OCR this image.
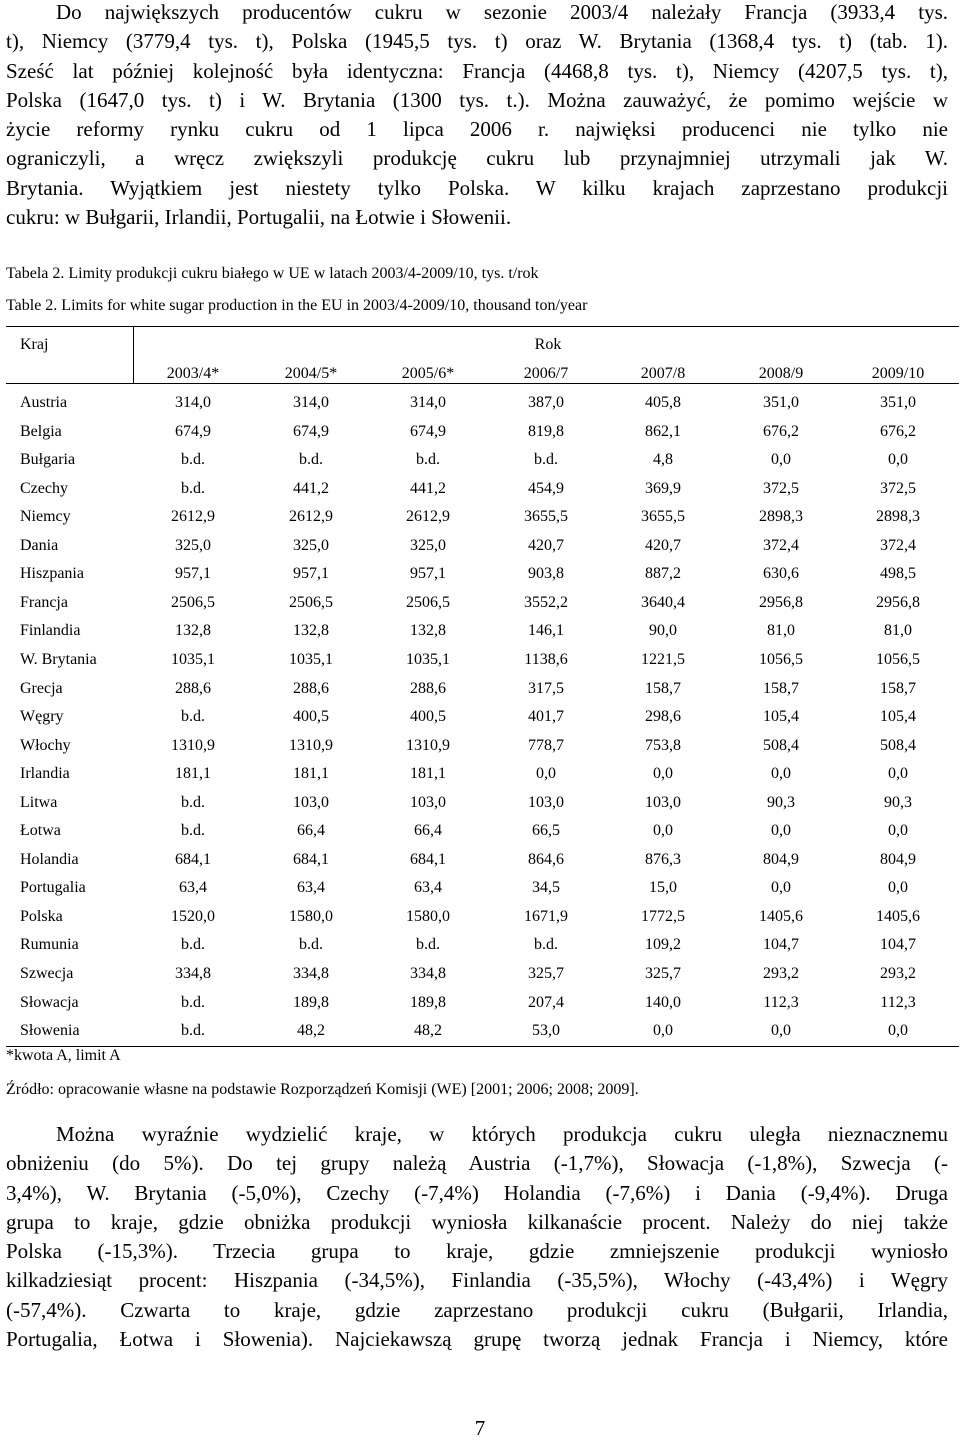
Do największych producentów cukru w sezonie 2003/4 należały Francja (3933,4 tys.
t), Niemcy (3779,4 tys. t), Polska (1945,5 tys. t) oraz W. Brytania (1368,4 tys. t) (tab. 1).
Sześć lat później kolejność była identyczna: Francja (4468,8 tys. t), Niemcy (4207,5 tys. t),
Polska (1647,0 tys. t) i W. Brytania (1300 tys. t.). Można zauważyć, że pomimo wejście w
życie reformy rynku cukru od 1 lipca 2006 r. najwięksi producenci nie tylko nie
ograniczyli, a wręcz zwiększyli produkcję cukru lub przynajmniej utrzymali jak W.
Brytania. Wyjątkiem jest niestety tylko Polska. W kilku krajach zaprzestano produkcji
cukru: w Bułgarii, Irlandii, Portugalii, na Łotwie i Słowenii.
Tabela 2. Limity produkcji cukru białego w UE w latach 2003/4-2009/10, tys. t/rok
Table 2. Limits for white sugar production in the EU in 2003/4-2009/10, thousand ton/year
Kraj	Rok
2003/4*	2004/5*	2005/6*	2006/7	2007/8	2008/9	2009/10
Austria	314,0	314,0	314,0	387,0	405,8	351,0	351,0
Belgia	674,9	674,9	674,9	819,8	862,1	676,2	676,2
Bułgaria	b.d.	b.d.	b.d.	b.d.	4,8	0,0	0,0
Czechy	b.d.	441,2	441,2	454,9	369,9	372,5	372,5
Niemcy	2612,9	2612,9	2612,9	3655,5	3655,5	2898,3	2898,3
Dania	325,0	325,0	325,0	420,7	420,7	372,4	372,4
Hiszpania	957,1	957,1	957,1	903,8	887,2	630,6	498,5
Francja	2506,5	2506,5	2506,5	3552,2	3640,4	2956,8	2956,8
Finlandia	132,8	132,8	132,8	146,1	90,0	81,0	81,0
W. Brytania	1035,1	1035,1	1035,1	1138,6	1221,5	1056,5	1056,5
Grecja	288,6	288,6	288,6	317,5	158,7	158,7	158,7
Węgry	b.d.	400,5	400,5	401,7	298,6	105,4	105,4
Włochy	1310,9	1310,9	1310,9	778,7	753,8	508,4	508,4
Irlandia	181,1	181,1	181,1	0,0	0,0	0,0	0,0
Litwa	b.d.	103,0	103,0	103,0	103,0	90,3	90,3
Łotwa	b.d.	66,4	66,4	66,5	0,0	0,0	0,0
Holandia	684,1	684,1	684,1	864,6	876,3	804,9	804,9
Portugalia	63,4	63,4	63,4	34,5	15,0	0,0	0,0
Polska	1520,0	1580,0	1580,0	1671,9	1772,5	1405,6	1405,6
Rumunia	b.d.	b.d.	b.d.	b.d.	109,2	104,7	104,7
Szwecja	334,8	334,8	334,8	325,7	325,7	293,2	293,2
Słowacja	b.d.	189,8	189,8	207,4	140,0	112,3	112,3
Słowenia	b.d.	48,2	48,2	53,0	0,0	0,0	0,0
*kwota A, limit A
Źródło: opracowanie własne na podstawie Rozporządzeń Komisji (WE) [2001; 2006; 2008; 2009].
Można wyraźnie wydzielić kraje, w których produkcja cukru uległa nieznacznemu
obniżeniu (do 5%). Do tej grupy należą Austria (-1,7%), Słowacja (-1,8%), Szwecja (-
3,4%), W. Brytania (-5,0%), Czechy (-7,4%) Holandia (-7,6%) i Dania (-9,4%). Druga
grupa to kraje, gdzie obniżka produkcji wyniosła kilkanaście procent. Należy do niej także
Polska (-15,3%). Trzecia grupa to kraje, gdzie zmniejszenie produkcji wyniosło
kilkadziesiąt procent: Hiszpania (-34,5%), Finlandia (-35,5%), Włochy (-43,4%) i Węgry
(-57,4%). Czwarta to kraje, gdzie zaprzestano produkcji cukru (Bułgarii, Irlandia,
Portugalia, Łotwa i Słowenia). Najciekawszą grupę tworzą jednak Francja i Niemcy, które
7
